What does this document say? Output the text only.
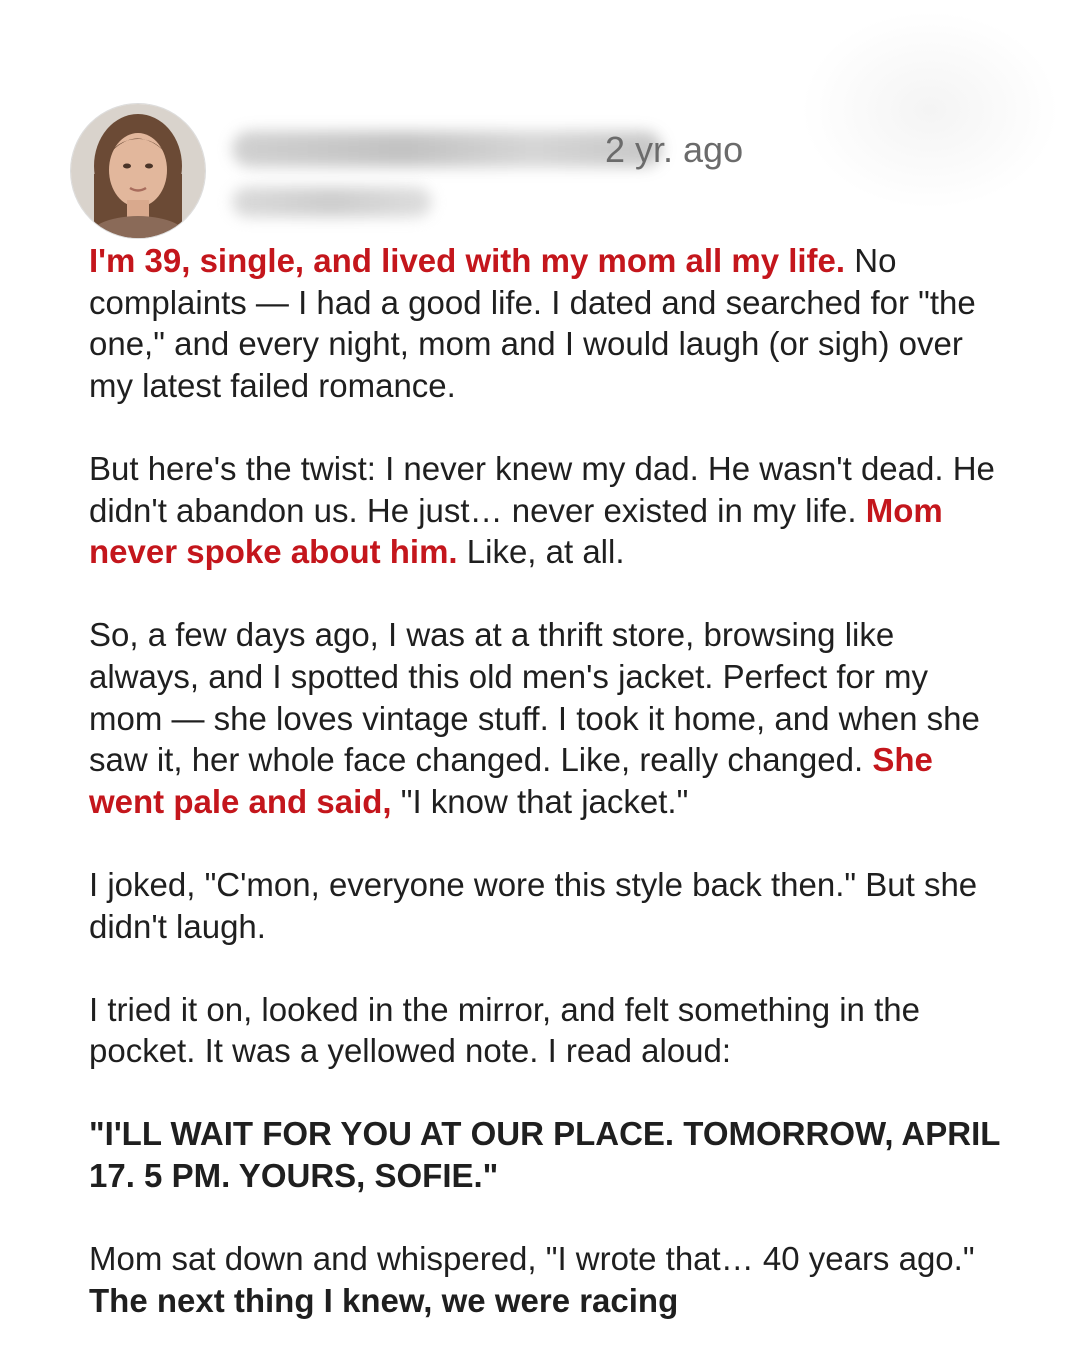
2 yr. ago

I'm 39, single, and lived with my mom all my life. No complaints — I had a good life. I dated and searched for "the one," and every night, mom and I would laugh (or sigh) over my latest failed romance.

But here's the twist: I never knew my dad. He wasn't dead. He didn't abandon us. He just… never existed in my life. Mom never spoke about him. Like, at all.

So, a few days ago, I was at a thrift store, browsing like always, and I spotted this old men's jacket. Perfect for my mom — she loves vintage stuff. I took it home, and when she saw it, her whole face changed. Like, really changed. She went pale and said, "I know that jacket."

I joked, "C'mon, everyone wore this style back then." But she didn't laugh.

I tried it on, looked in the mirror, and felt something in the pocket. It was a yellowed note. I read aloud:

"I'LL WAIT FOR YOU AT OUR PLACE. TOMORROW, APRIL 17. 5 PM. YOURS, SOFIE."

Mom sat down and whispered, "I wrote that… 40 years ago." The next thing I knew, we were racing
